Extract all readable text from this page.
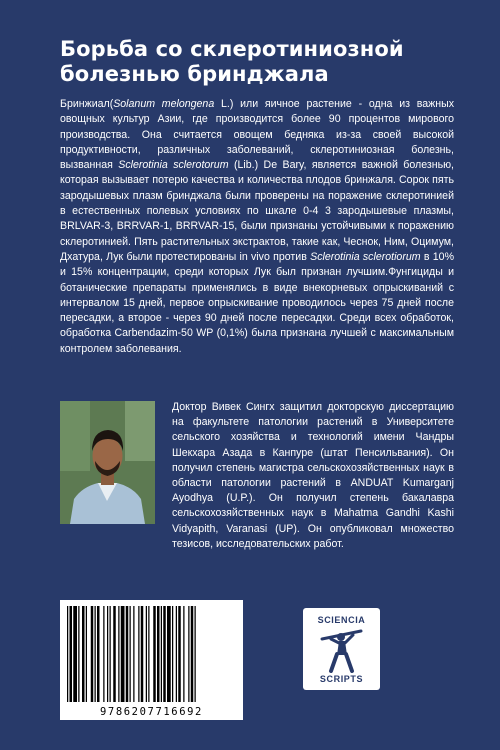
Борьба со склеротиниозной болезнью бринджала

Бринжиал(Solanum melongena L.) или яичное растение - одна из важных овощных культур Азии, где производится более 90 процентов мирового производства. Она считается овощем бедняка из-за своей высокой продуктивности, различных заболеваний, склеротиниозная болезнь, вызванная Sclerotinia sclerotorum (Lib.) De Bary, является важной болезнью, которая вызывает потерю качества и количества плодов бринжаля. Сорок пять зародышевых плазм бринджала были проверены на поражение склеротинией в естественных полевых условиях по шкале 0-4 3 зародышевые плазмы, BRLVAR-3, BRRVAR-1, BRRVAR-15, были признаны устойчивыми к поражению склеротинией. Пять растительных экстрактов, такие как, Чеснок, Ним, Оцимум, Дхатура, Лук были протестированы in vivo против Sclerotinia sclerotiorum в 10% и 15% концентрации, среди которых Лук был признан лучшим.Фунгициды и ботанические препараты применялись в виде внекорневых опрыскиваний с интервалом 15 дней, первое опрыскивание проводилось через 75 дней после пересадки, а второе - через 90 дней после пересадки. Среди всех обработок, обработка Carbendazim-50 WP (0,1%) была признана лучшей с максимальным контролем заболевания.

Доктор Вивек Сингх защитил докторскую диссертацию на факультете патологии растений в Университете сельского хозяйства и технологий имени Чандры Шекхара Азада в Канпуре (штат Пенсильвания). Он получил степень магистра сельскохозяйственных наук в области патологии растений в ANDUAT Kumarganj Ayodhya (U.P.). Он получил степень бакалавра сельскохозяйственных наук в Mahatma Gandhi Kashi Vidyapith, Varanasi (UP). Он опубликовал множество тезисов, исследовательских работ.

9786207716692
SCIENCIA
SCRIPTS
